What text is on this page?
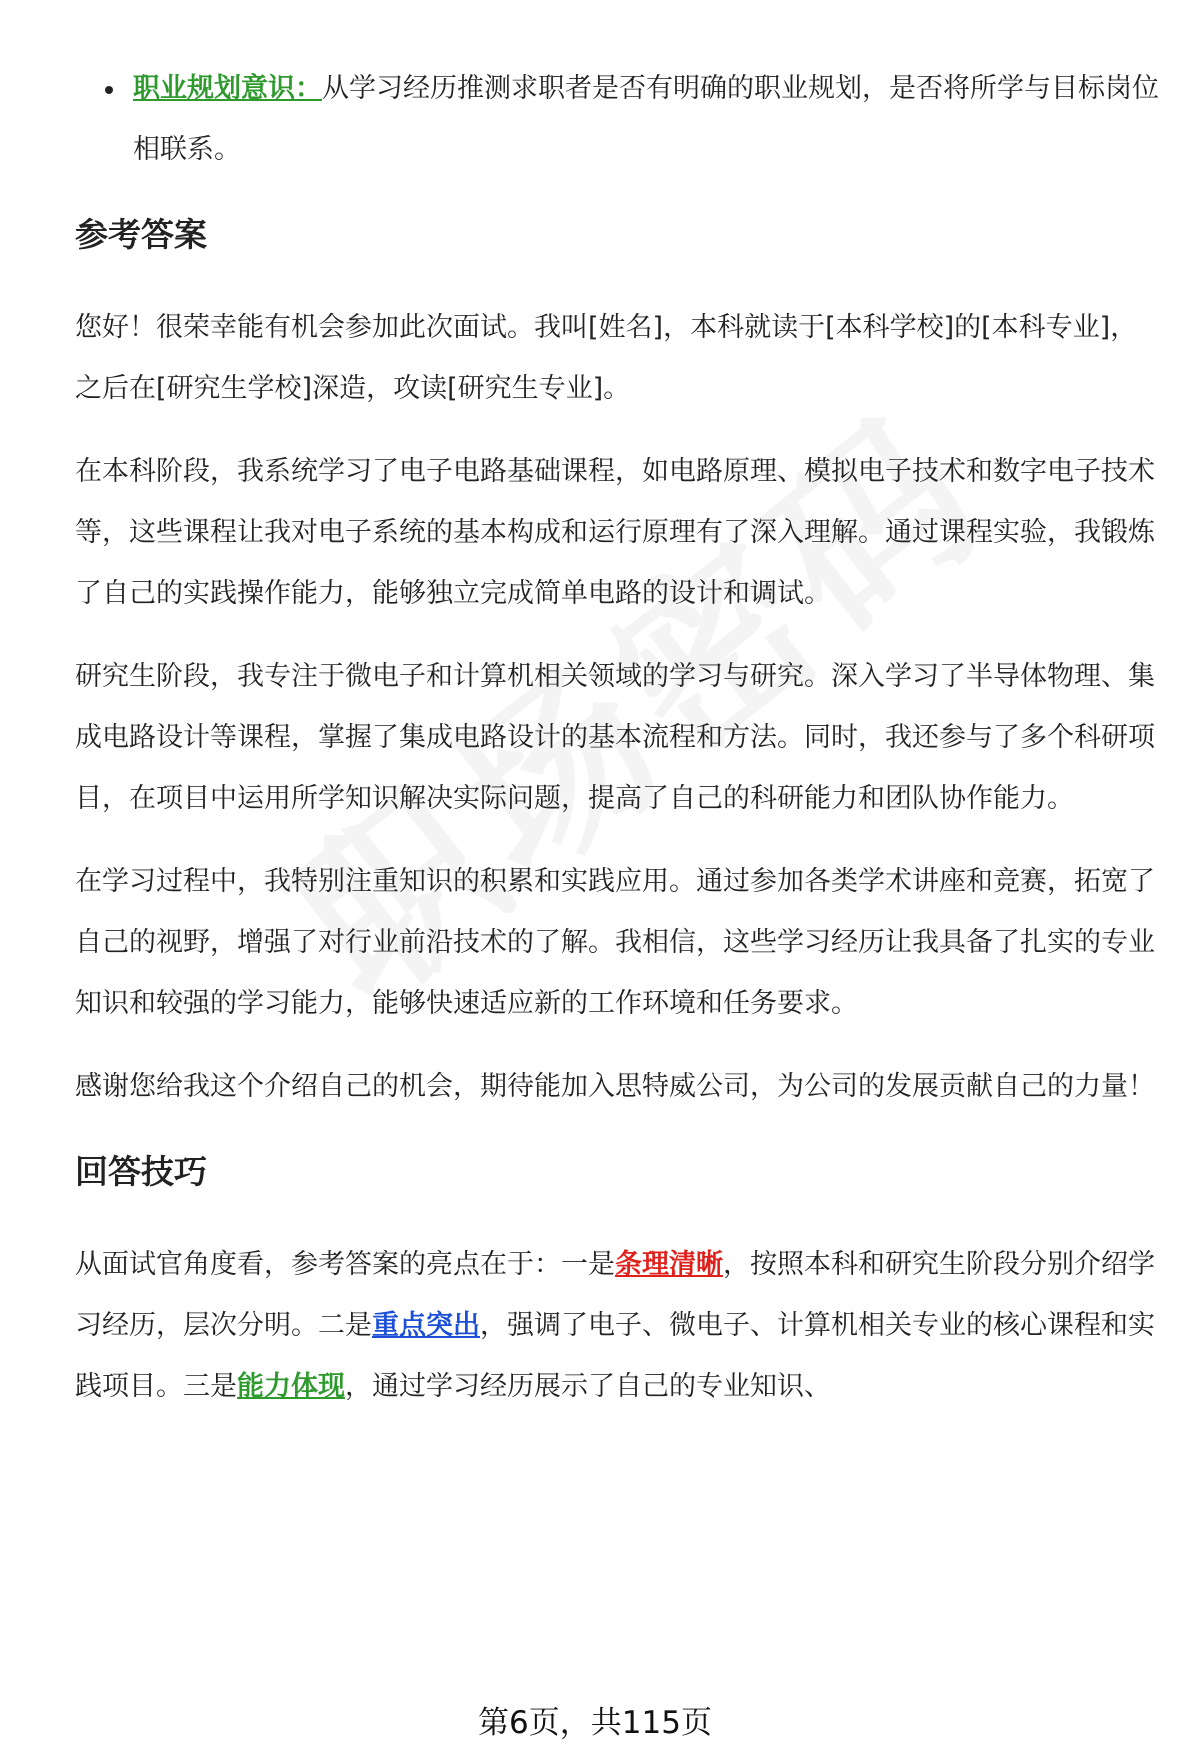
职业规划意识：从学习经历推测求职者是否有明确的职业规划，是否将所学与目标岗位相联系。
参考答案

您好！很荣幸能有机会参加此次面试。我叫[姓名]，本科就读于[本科学校]的[本科专业]，之后在[研究生学校]深造，攻读[研究生专业]。

在本科阶段，我系统学习了电子电路基础课程，如电路原理、模拟电子技术和数字电子技术等，这些课程让我对电子系统的基本构成和运行原理有了深入理解。通过课程实验，我锻炼了自己的实践操作能力，能够独立完成简单电路的设计和调试。

研究生阶段，我专注于微电子和计算机相关领域的学习与研究。深入学习了半导体物理、集成电路设计等课程，掌握了集成电路设计的基本流程和方法。同时，我还参与了多个科研项目，在项目中运用所学知识解决实际问题，提高了自己的科研能力和团队协作能力。

在学习过程中，我特别注重知识的积累和实践应用。通过参加各类学术讲座和竞赛，拓宽了自己的视野，增强了对行业前沿技术的了解。我相信，这些学习经历让我具备了扎实的专业知识和较强的学习能力，能够快速适应新的工作环境和任务要求。

感谢您给我这个介绍自己的机会，期待能加入思特威公司，为公司的发展贡献自己的力量！

回答技巧

从面试官角度看，参考答案的亮点在于：一是条理清晰，按照本科和研究生阶段分别介绍学习经历，层次分明。二是重点突出，强调了电子、微电子、计算机相关专业的核心课程和实践项目。三是能力体现，通过学习经历展示了自己的专业知识、

第6页，共115页
